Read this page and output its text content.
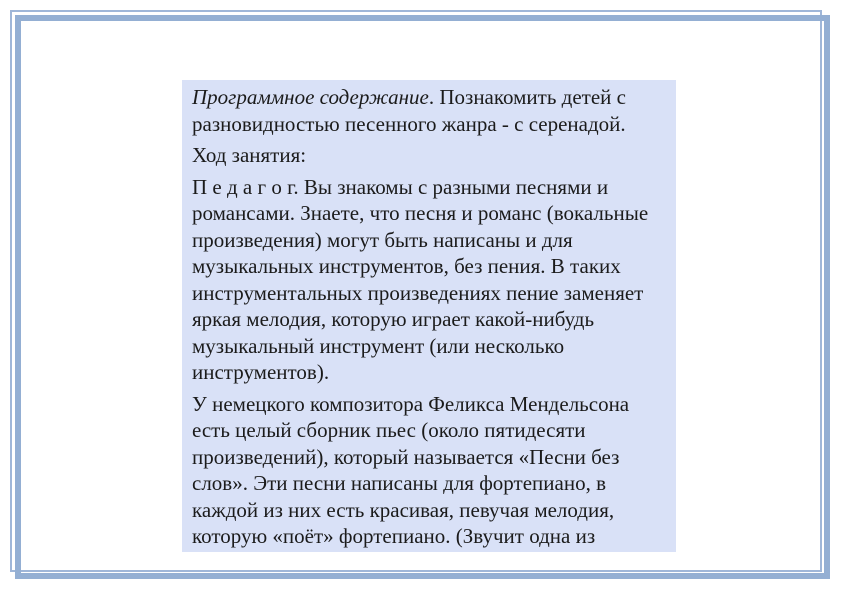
Программное содержание. Познакомить детей с разновидностью песенного жанра - с серенадой.

Ход занятия:

П е д а г о г. Вы знакомы с разными песнями и романсами. Знаете, что песня и романс (вокальные произведения) могут быть написаны и для музыкальных инструментов, без пения. В таких инструментальных произведениях пение заменяет яркая мелодия, которую играет какой-нибудь музыкальный инструмент (или несколько инструментов).

У немецкого композитора Феликса Мендельсона есть целый сборник пьес (около пятидесяти произведений), который называется «Песни без слов». Эти песни написаны для фортепиано, в каждой из них есть красивая, певучая мелодия, которую «поёт» фортепиано. (Звучит одна из
